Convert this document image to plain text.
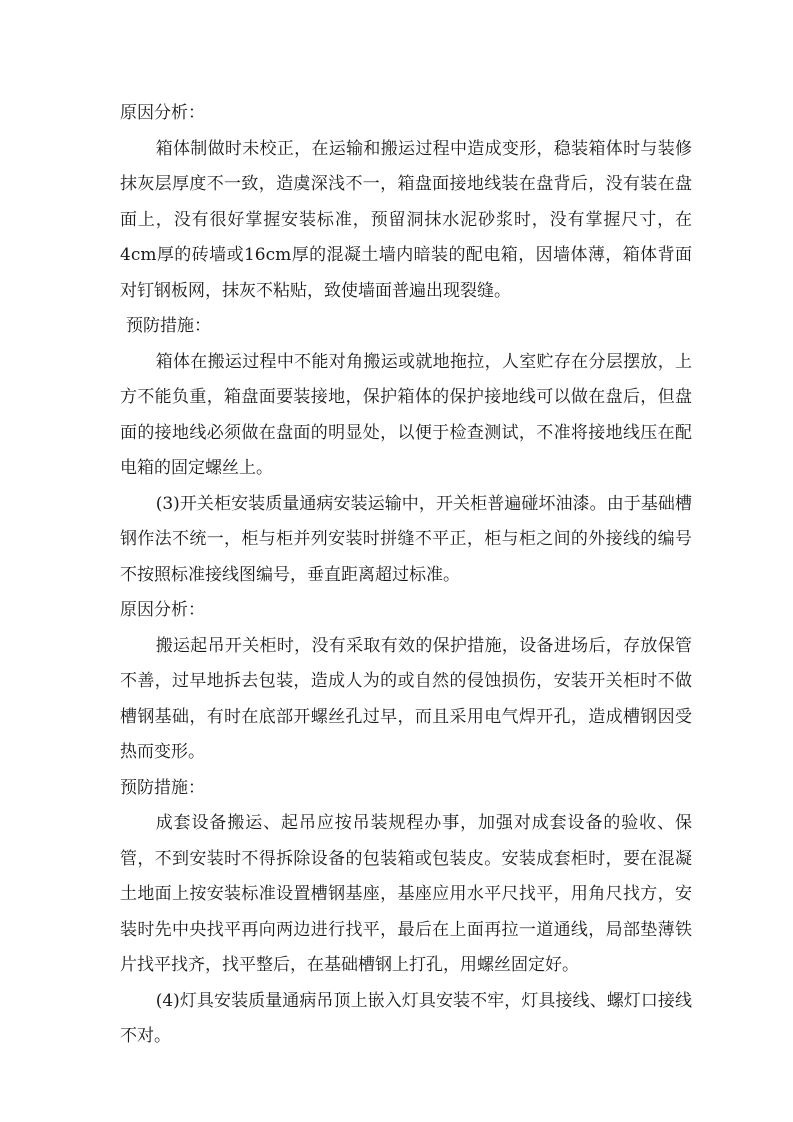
原因分析：

箱体制做时未校正，在运输和搬运过程中造成变形，稳装箱体时与装修抹灰层厚度不一致，造虞深浅不一，箱盘面接地线装在盘背后，没有装在盘面上，没有很好掌握安装标准，预留洞抹水泥砂浆时，没有掌握尺寸，在4cm厚的砖墙或16cm厚的混凝土墙内暗装的配电箱，因墙体薄，箱体背面对钉钢板网，抹灰不粘贴，致使墙面普遍出现裂缝。

预防措施：

箱体在搬运过程中不能对角搬运或就地拖拉，人室贮存在分层摆放，上方不能负重，箱盘面要装接地，保护箱体的保护接地线可以做在盘后，但盘面的接地线必须做在盘面的明显处，以便于检查测试，不准将接地线压在配电箱的固定螺丝上。

(3)开关柜安装质量通病安装运输中，开关柜普遍碰坏油漆。由于基础槽钢作法不统一，柜与柜并列安装时拼缝不平正，柜与柜之间的外接线的编号不按照标准接线图编号，垂直距离超过标准。

原因分析：

搬运起吊开关柜时，没有采取有效的保护措施，设备进场后，存放保管不善，过早地拆去包装，造成人为的或自然的侵蚀损伤，安装开关柜时不做槽钢基础，有时在底部开螺丝孔过早，而且采用电气焊开孔，造成槽钢因受热而变形。

预防措施：

成套设备搬运、起吊应按吊装规程办事，加强对成套设备的验收、保管，不到安装时不得拆除设备的包装箱或包装皮。安装成套柜时，要在混凝土地面上按安装标准设置槽钢基座，基座应用水平尺找平，用角尺找方，安装时先中央找平再向两边进行找平，最后在上面再拉一道通线，局部垫薄铁片找平找齐，找平整后，在基础槽钢上打孔，用螺丝固定好。

(4)灯具安装质量通病吊顶上嵌入灯具安装不牢，灯具接线、螺灯口接线不对。
